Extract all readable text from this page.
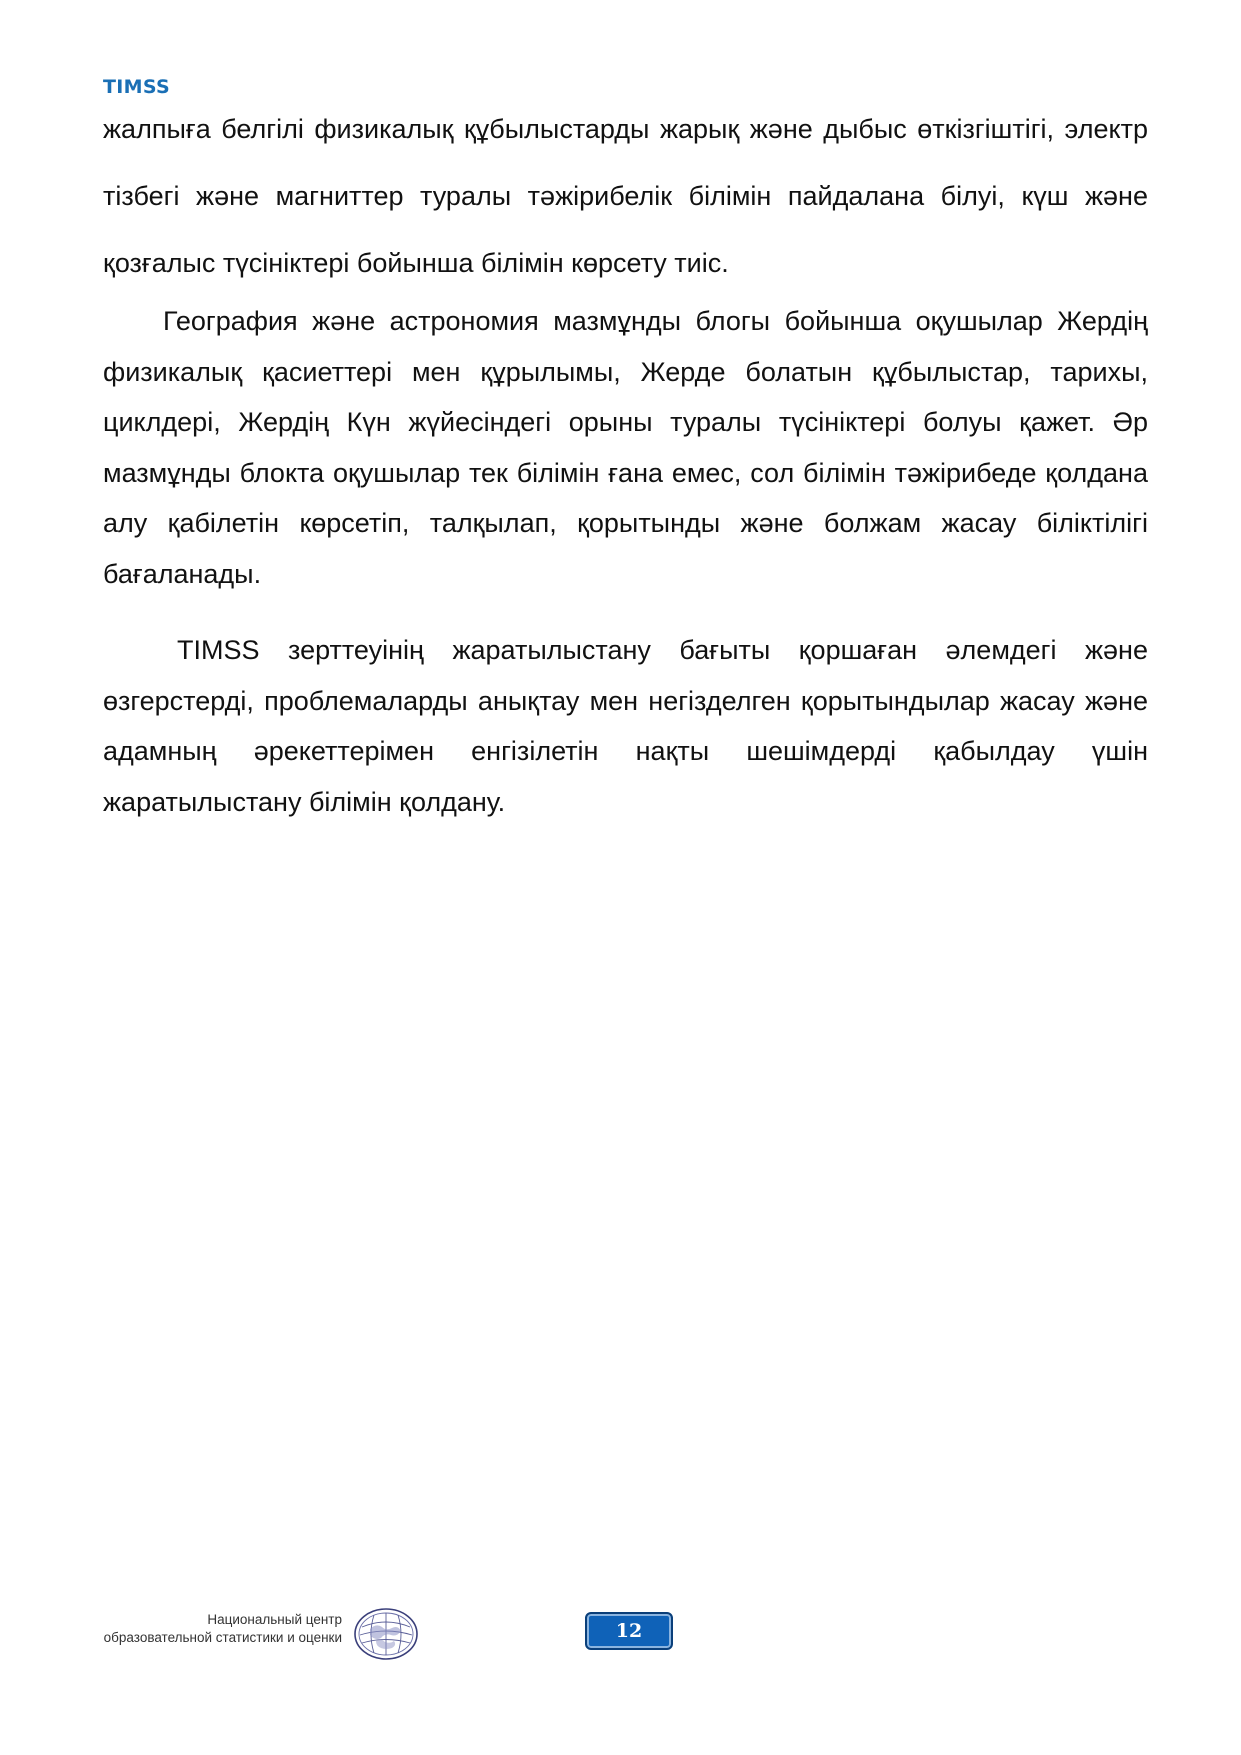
TIMSS

жалпыға белгілі физикалық құбылыстарды жарық және дыбыс өткізгіштігі, электр тізбегі және магниттер туралы тәжірибелік білімін пайдалана білуі, күш және қозғалыс түсініктері бойынша білімін көрсету тиіс.

География және астрономия мазмұнды блогы бойынша оқушылар Жердің физикалық қасиеттері мен құрылымы, Жерде болатын құбылыстар, тарихы, циклдері, Жердің Күн жүйесіндегі орыны туралы түсініктері болуы қажет. Әр мазмұнды блокта оқушылар тек білімін ғана емес, сол білімін тәжірибеде қолдана алу қабілетін көрсетіп, талқылап, қорытынды және болжам жасау біліктілігі бағаланады.

TIMSS зерттеуінің жаратылыстану бағыты қоршаған әлемдегі және өзгерстерді, проблемаларды анықтау мен негізделген қорытындылар жасау және адамның әрекеттерімен енгізілетін нақты шешімдерді қабылдау үшін жаратылыстану білімін қолдану.

12
Национальный центр
образовательной статистики и оценки
